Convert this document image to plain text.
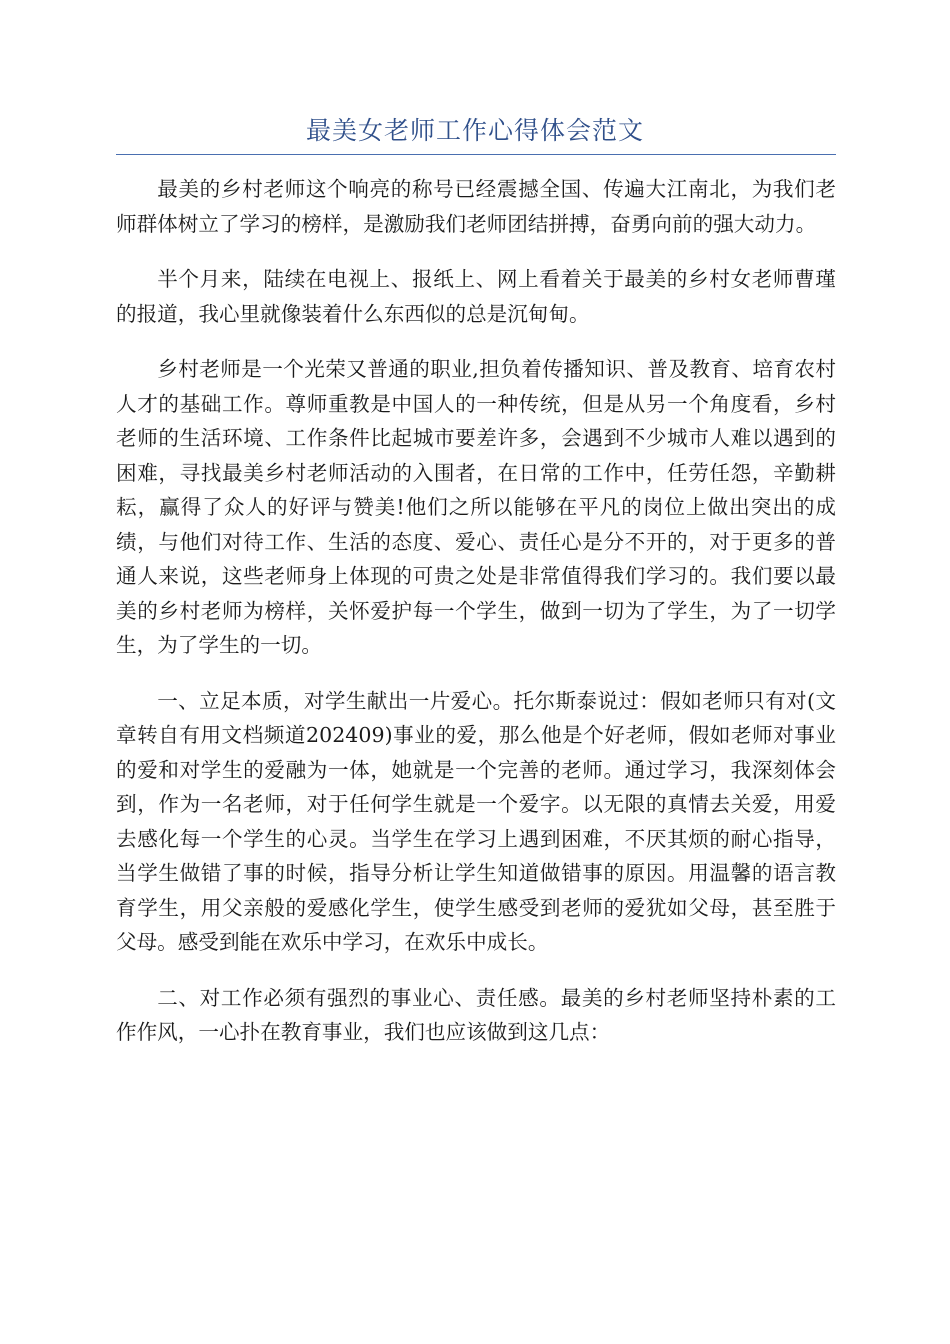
最美女老师工作心得体会范文

最美的乡村老师这个响亮的称号已经震撼全国、传遍大江南北，为我们老师群体树立了学习的榜样，是激励我们老师团结拼搏，奋勇向前的强大动力。

半个月来，陆续在电视上、报纸上、网上看着关于最美的乡村女老师曹瑾的报道，我心里就像装着什么东西似的总是沉甸甸。

乡村老师是一个光荣又普通的职业,担负着传播知识、普及教育、培育农村人才的基础工作。尊师重教是中国人的一种传统，但是从另一个角度看，乡村老师的生活环境、工作条件比起城市要差许多，会遇到不少城市人难以遇到的困难，寻找最美乡村老师活动的入围者，在日常的工作中，任劳任怨，辛勤耕耘，赢得了众人的好评与赞美!他们之所以能够在平凡的岗位上做出突出的成绩，与他们对待工作、生活的态度、爱心、责任心是分不开的，对于更多的普通人来说，这些老师身上体现的可贵之处是非常值得我们学习的。我们要以最美的乡村老师为榜样，关怀爱护每一个学生，做到一切为了学生，为了一切学生，为了学生的一切。

一、立足本质，对学生献出一片爱心。托尔斯泰说过：假如老师只有对(文章转自有用文档频道202409)事业的爱，那么他是个好老师，假如老师对事业的爱和对学生的爱融为一体，她就是一个完善的老师。通过学习，我深刻体会到，作为一名老师，对于任何学生就是一个爱字。以无限的真情去关爱，用爱去感化每一个学生的心灵。当学生在学习上遇到困难，不厌其烦的耐心指导，当学生做错了事的时候，指导分析让学生知道做错事的原因。用温馨的语言教育学生，用父亲般的爱感化学生，使学生感受到老师的爱犹如父母，甚至胜于父母。感受到能在欢乐中学习，在欢乐中成长。

二、对工作必须有强烈的事业心、责任感。最美的乡村老师坚持朴素的工作作风，一心扑在教育事业，我们也应该做到这几点：
